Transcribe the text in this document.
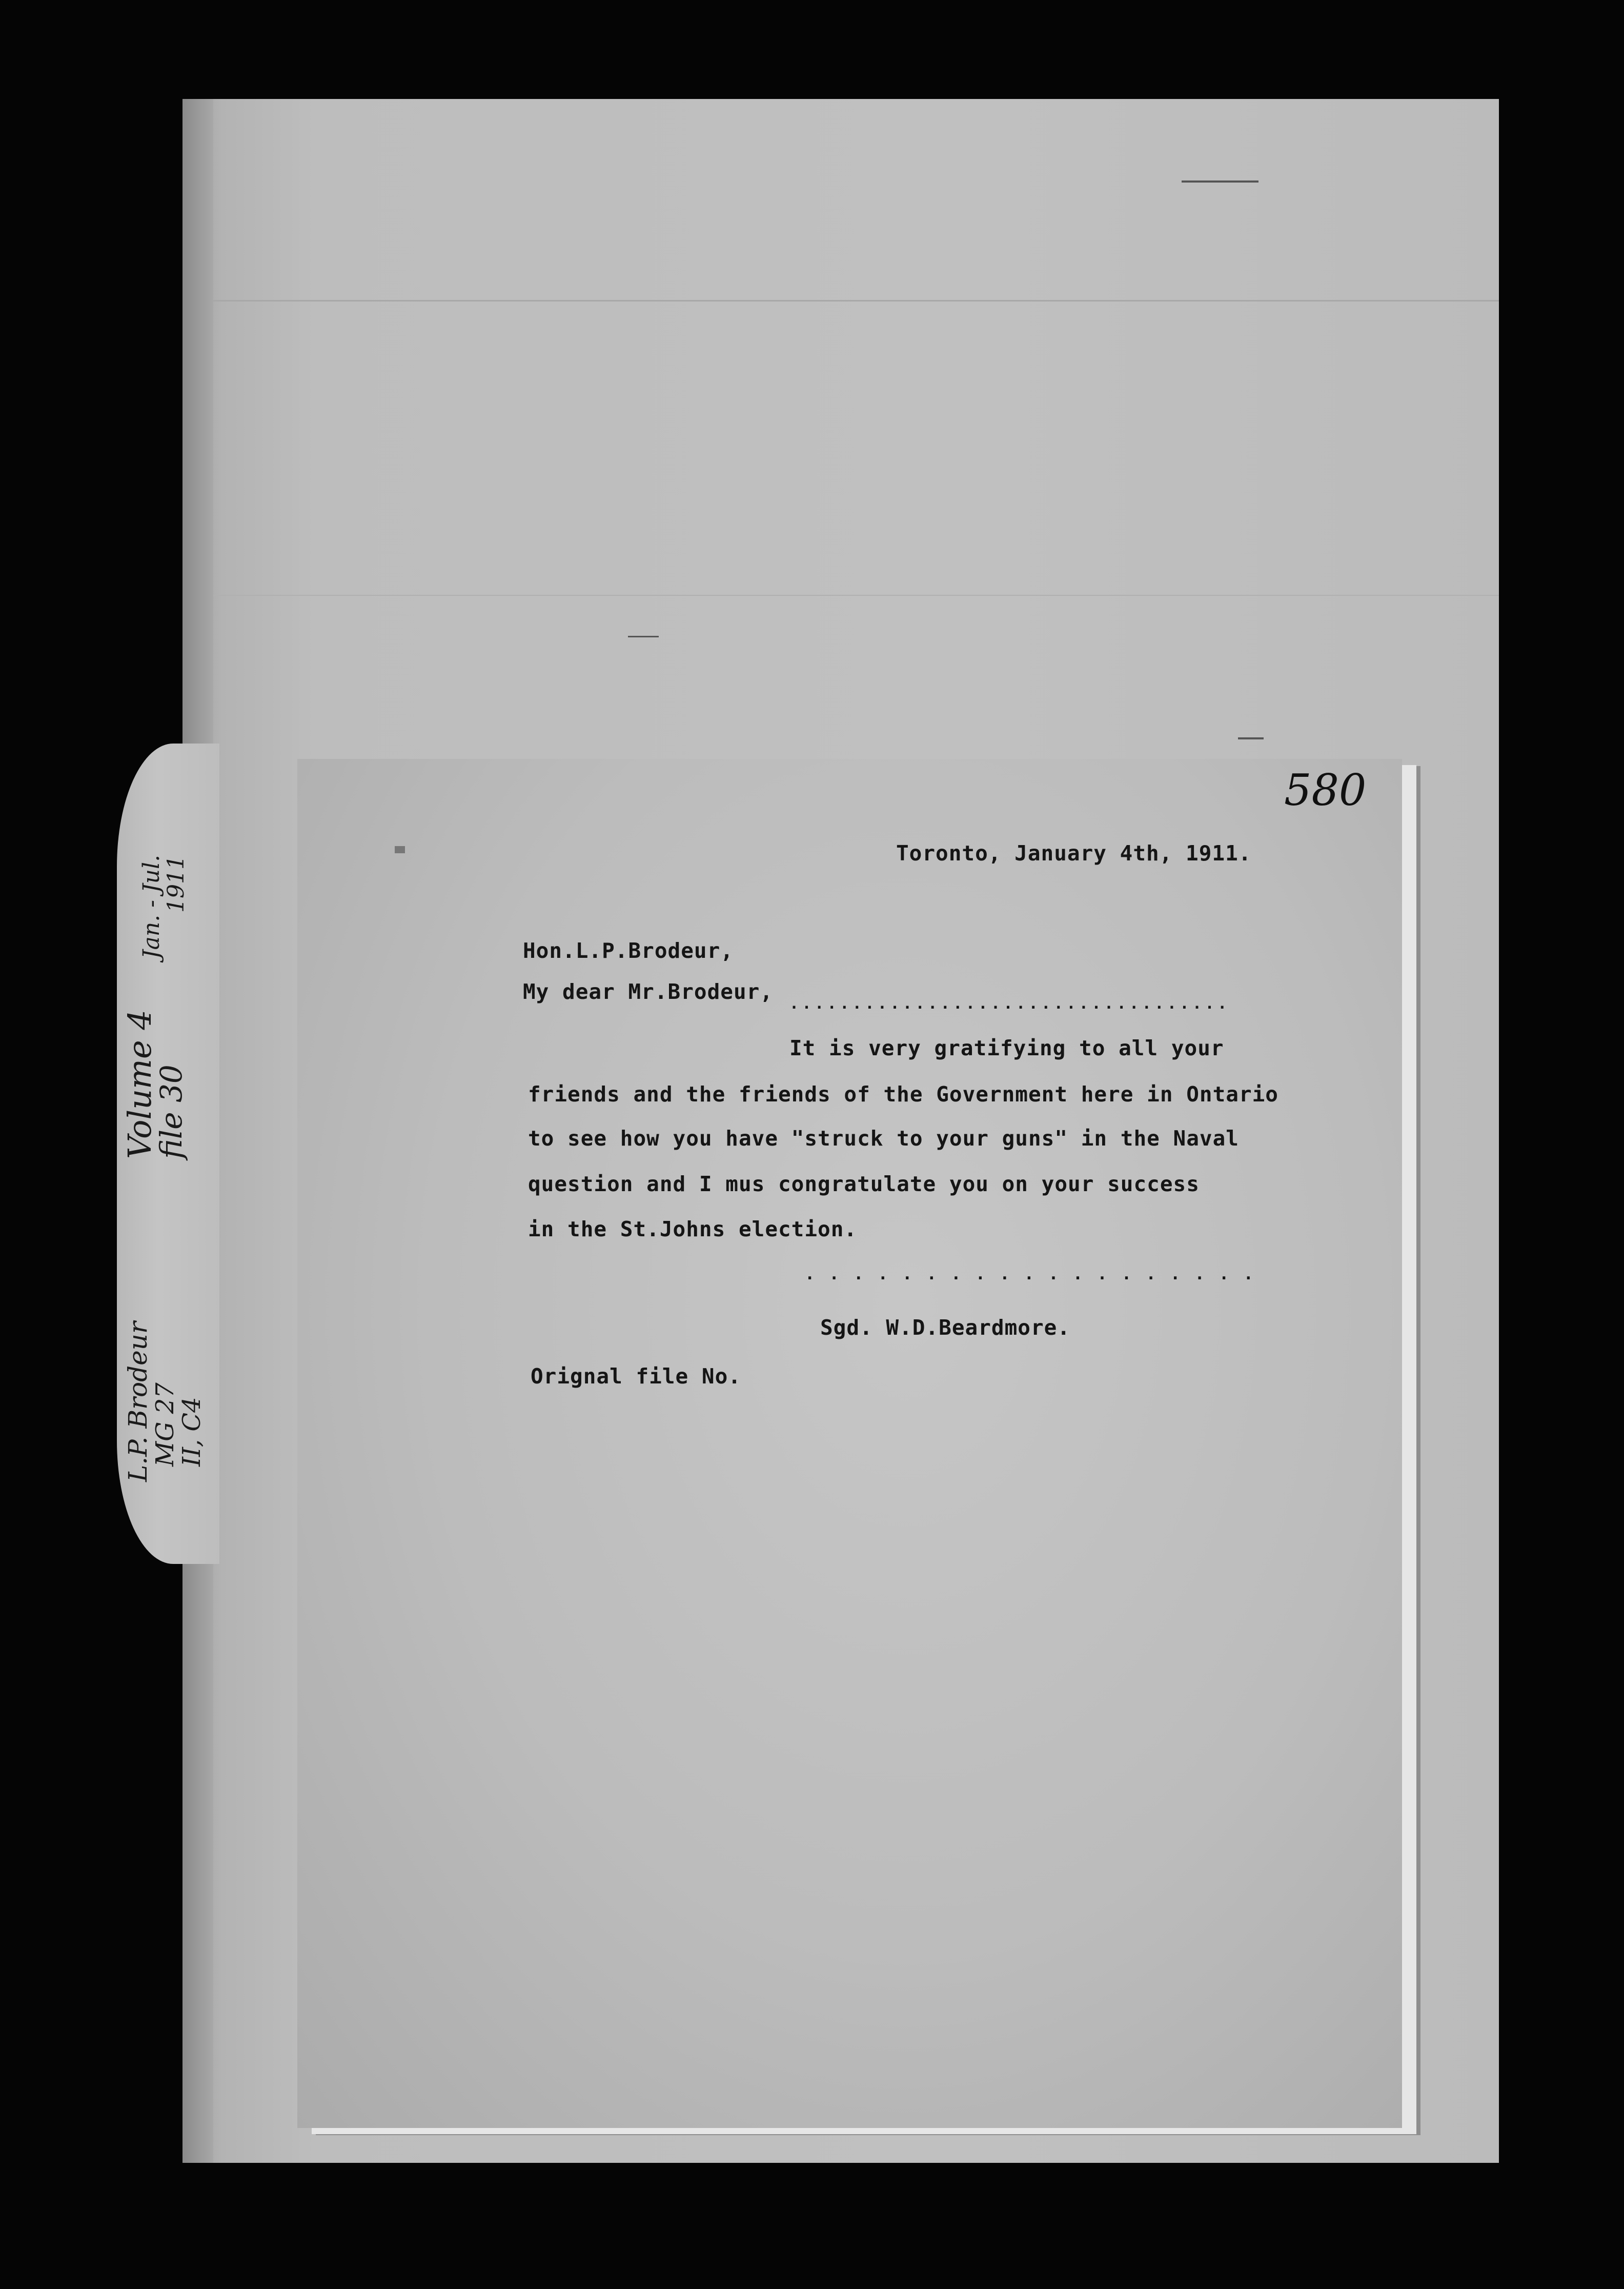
Volume 4
file 30
Jan. - Jul.
1911
L.P. Brodeur
MG 27
II, C4
580
Toronto, January 4th, 1911.
Hon.L.P.Brodeur,
My dear Mr.Brodeur, ...................................
It is very gratifying to all your
friends and the friends of the Government here in Ontario
to see how you have "struck to your guns" in the Naval
question and I mus congratulate you on your success
in the St.Johns election.
. . . . . . . . . . . . . . . . . . .
Sgd. W.D.Beardmore.
Orignal file No.
